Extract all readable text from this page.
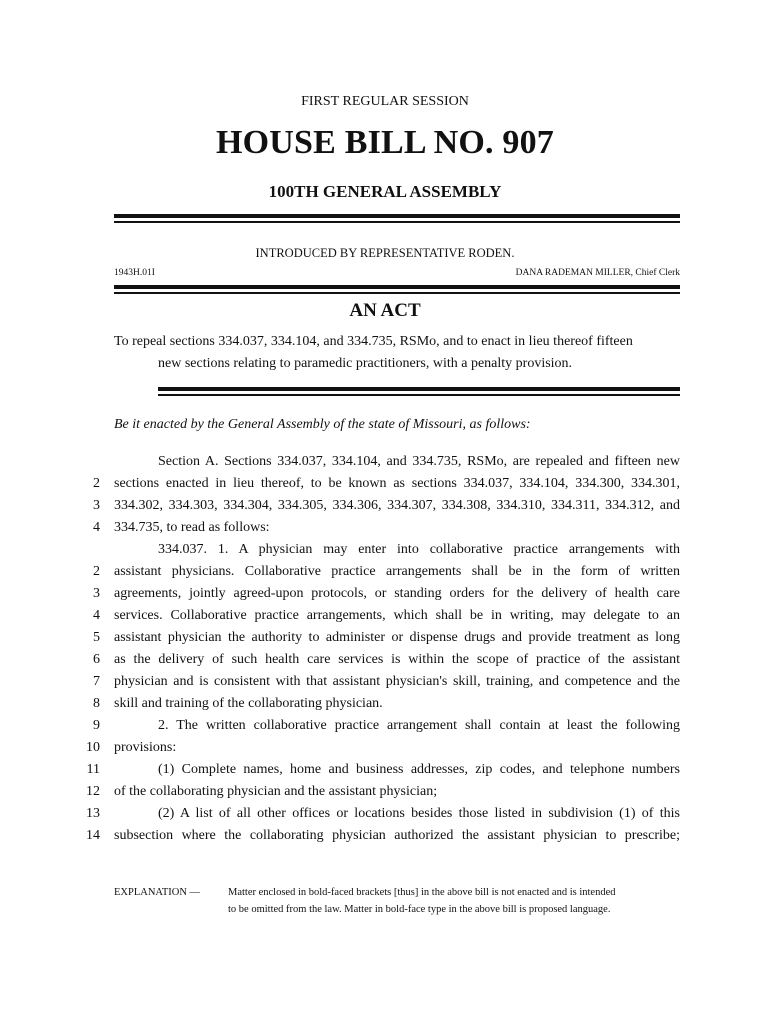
FIRST REGULAR SESSION
HOUSE BILL NO. 907
100TH GENERAL ASSEMBLY
INTRODUCED BY REPRESENTATIVE RODEN.
1943H.01I	DANA RADEMAN MILLER, Chief Clerk
AN ACT
To repeal sections 334.037, 334.104, and 334.735, RSMo, and to enact in lieu thereof fifteen
new sections relating to paramedic practitioners, with a penalty provision.
Be it enacted by the General Assembly of the state of Missouri, as follows:
Section A. Sections 334.037, 334.104, and 334.735, RSMo, are repealed and fifteen new
2 sections enacted in lieu thereof, to be known as sections 334.037, 334.104, 334.300, 334.301,
3 334.302, 334.303, 334.304, 334.305, 334.306, 334.307, 334.308, 334.310, 334.311, 334.312, and
4 334.735, to read as follows:
334.037. 1. A physician may enter into collaborative practice arrangements with
2 assistant physicians. Collaborative practice arrangements shall be in the form of written
3 agreements, jointly agreed-upon protocols, or standing orders for the delivery of health care
4 services. Collaborative practice arrangements, which shall be in writing, may delegate to an
5 assistant physician the authority to administer or dispense drugs and provide treatment as long
6 as the delivery of such health care services is within the scope of practice of the assistant
7 physician and is consistent with that assistant physician's skill, training, and competence and the
8 skill and training of the collaborating physician.
9	2. The written collaborative practice arrangement shall contain at least the following
10 provisions:
11	(1) Complete names, home and business addresses, zip codes, and telephone numbers
12 of the collaborating physician and the assistant physician;
13	(2) A list of all other offices or locations besides those listed in subdivision (1) of this
14 subsection where the collaborating physician authorized the assistant physician to prescribe;
EXPLANATION —	Matter enclosed in bold-faced brackets [thus] in the above bill is not enacted and is intended
to be omitted from the law. Matter in bold-face type in the above bill is proposed language.
